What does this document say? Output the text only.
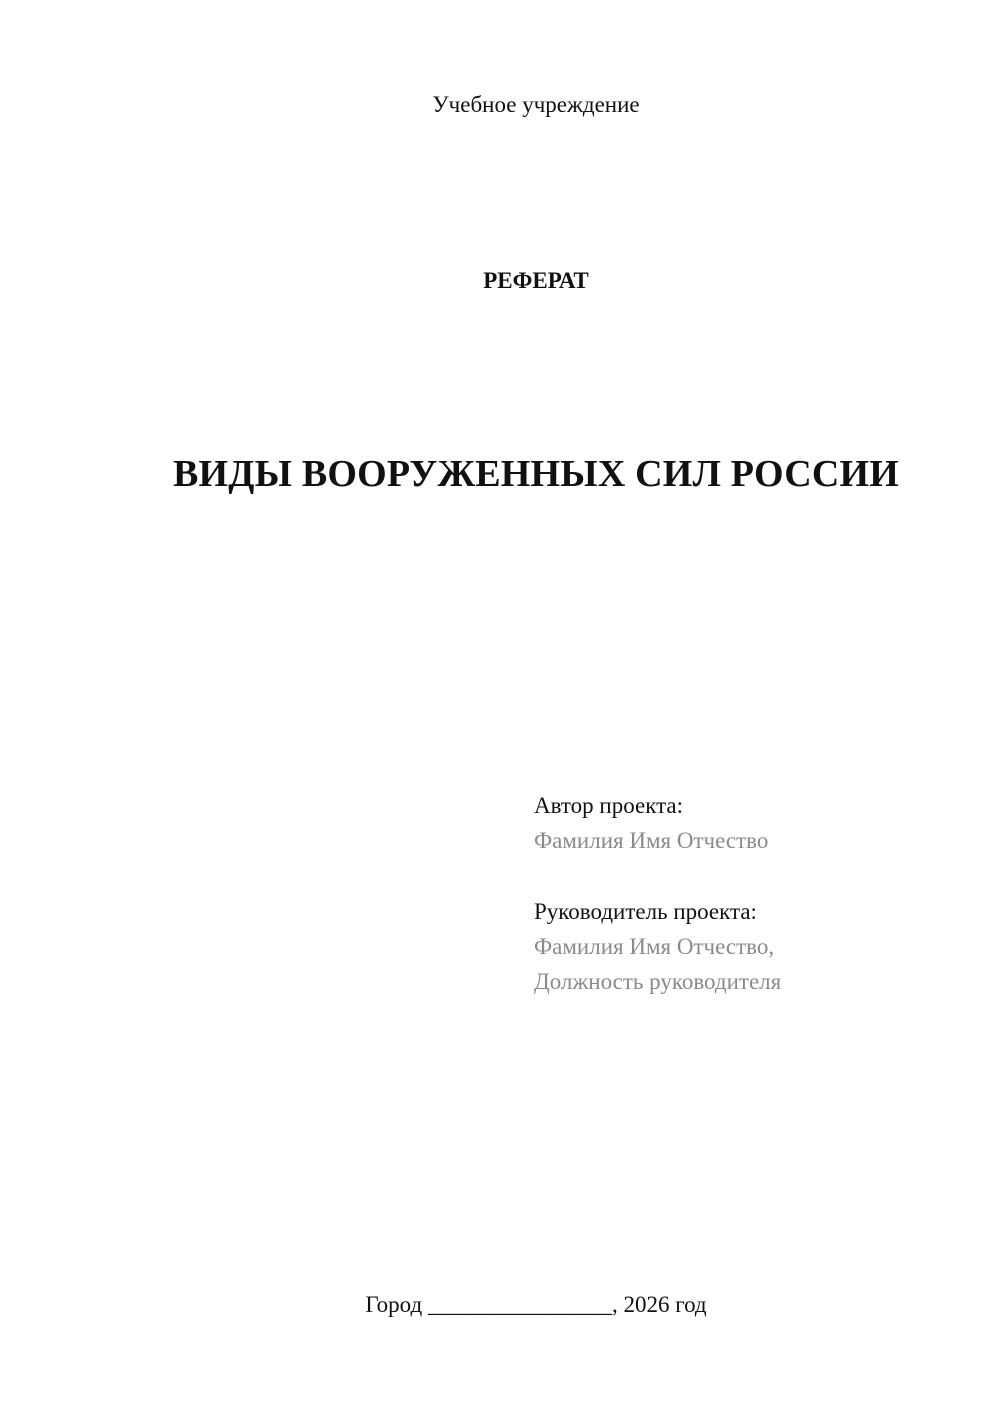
Учебное учреждение
РЕФЕРАТ
ВИДЫ ВООРУЖЕННЫХ СИЛ РОССИИ
Автор проекта:
Фамилия Имя Отчество
Руководитель проекта:
Фамилия Имя Отчество,
Должность руководителя
Город ________________, 2026 год
